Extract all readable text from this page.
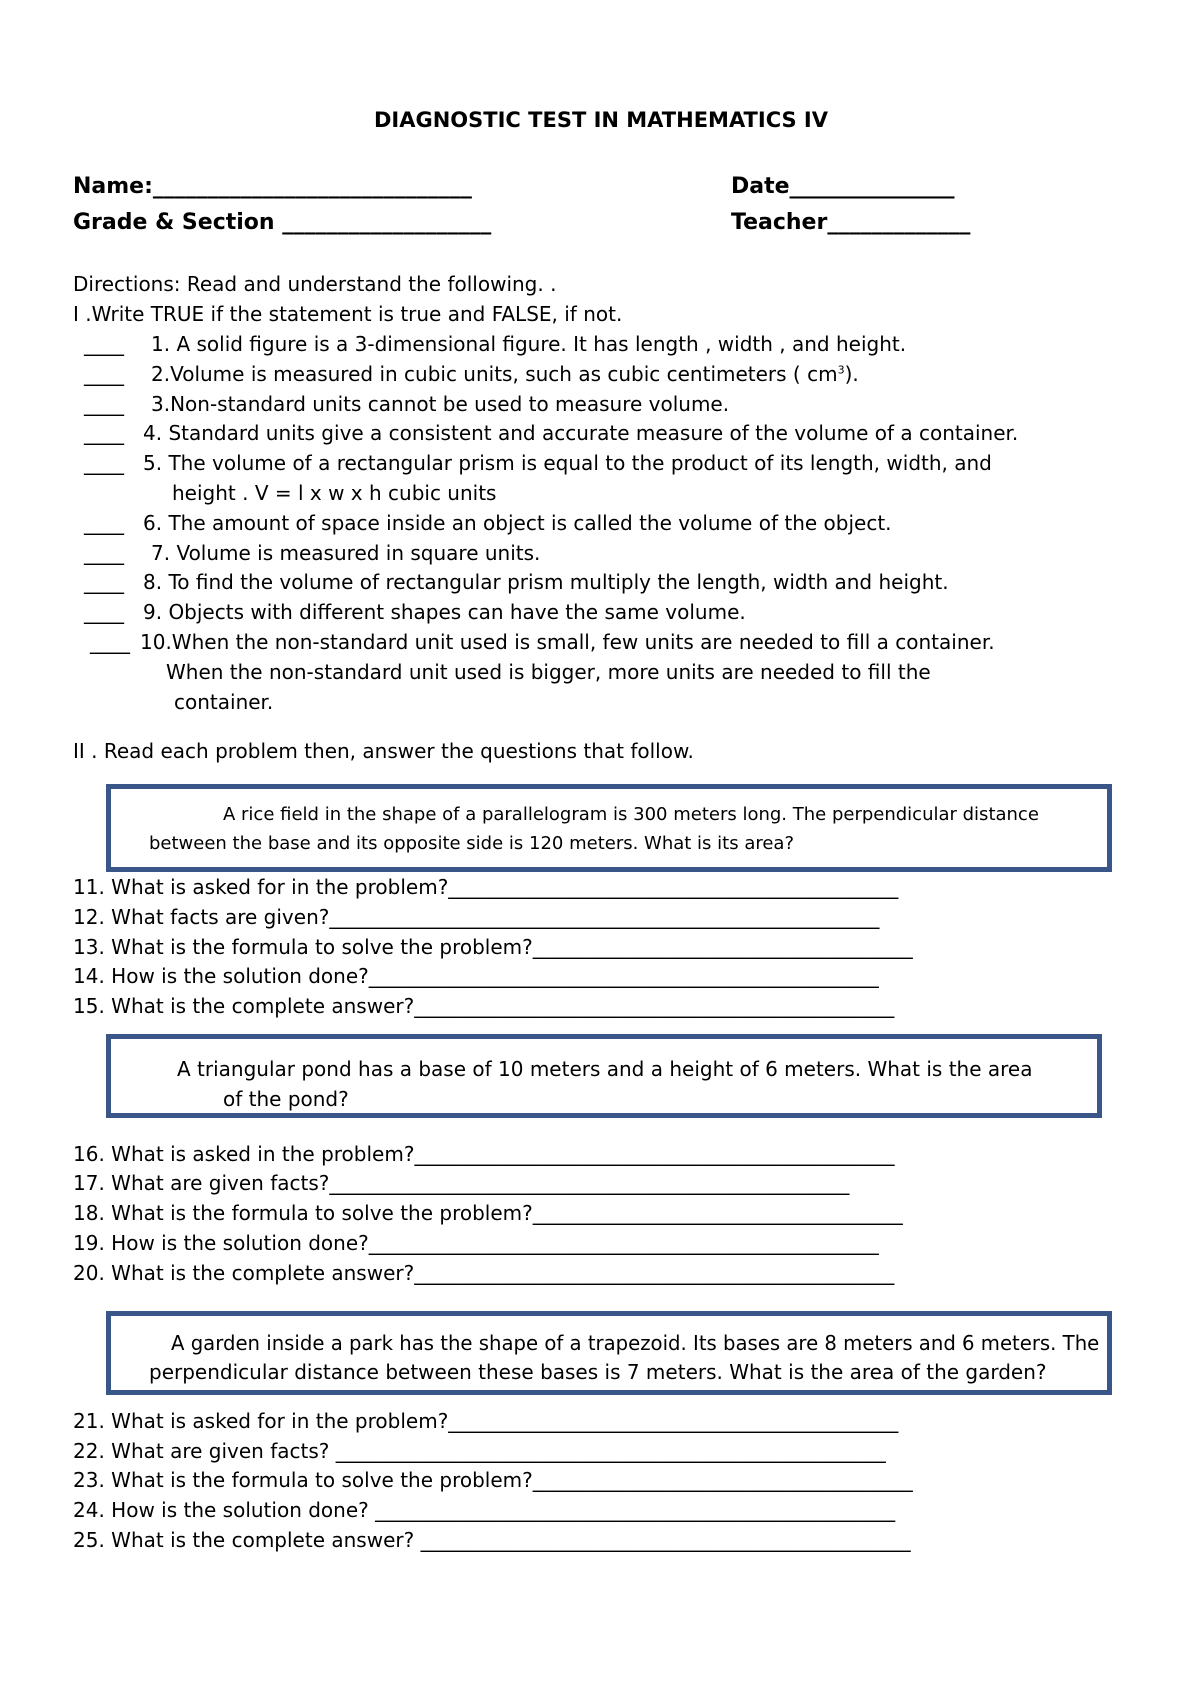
DIAGNOSTIC TEST IN MATHEMATICS IV
Name:_____________________________	Date_______________
Grade & Section ___________________	Teacher_____________
Directions: Read and understand the following. .
I .Write TRUE if the statement is true and FALSE, if not.
____ 1. A solid figure is a 3-dimensional figure. It has length , width , and height.
____ 2.Volume is measured in cubic units, such as cubic centimeters ( $cm^3$).
____ 3.Non-standard units cannot be used to measure volume.
____ 4. Standard units give a consistent and accurate measure of the volume of a container.
____ 5. The volume of a rectangular prism is equal to the product of its length, width, and
height . V = l x w x h cubic units
____ 6. The amount of space inside an object is called the volume of the object.
____ 7. Volume is measured in square units.
____ 8. To find the volume of rectangular prism multiply the length, width and height.
____ 9. Objects with different shapes can have the same volume.
____ 10.When the non-standard unit used is small, few units are needed to fill a container.
When the non-standard unit used is bigger, more units are needed to fill the
container.
II . Read each problem then, answer the questions that follow.
A rice field in the shape of a parallelogram is 300 meters long. The perpendicular distance
between the base and its opposite side is 120 meters. What is its area?
11. What is asked for in the problem?_____________________________________________
12. What facts are given?_______________________________________________________
13. What is the formula to solve the problem?______________________________________
14. How is the solution done?___________________________________________________
15. What is the complete answer?________________________________________________
A triangular pond has a base of 10 meters and a height of 6 meters. What is the area
of the pond?
16. What is asked in the problem?________________________________________________
17. What are given facts?____________________________________________________
18. What is the formula to solve the problem?_____________________________________
19. How is the solution done?___________________________________________________
20. What is the complete answer?________________________________________________
A garden inside a park has the shape of a trapezoid. Its bases are 8 meters and 6 meters. The
perpendicular distance between these bases is 7 meters. What is the area of the garden?
21. What is asked for in the problem?_____________________________________________
22. What are given facts? _______________________________________________________
23. What is the formula to solve the problem?______________________________________
24. How is the solution done? ____________________________________________________
25. What is the complete answer? _________________________________________________
